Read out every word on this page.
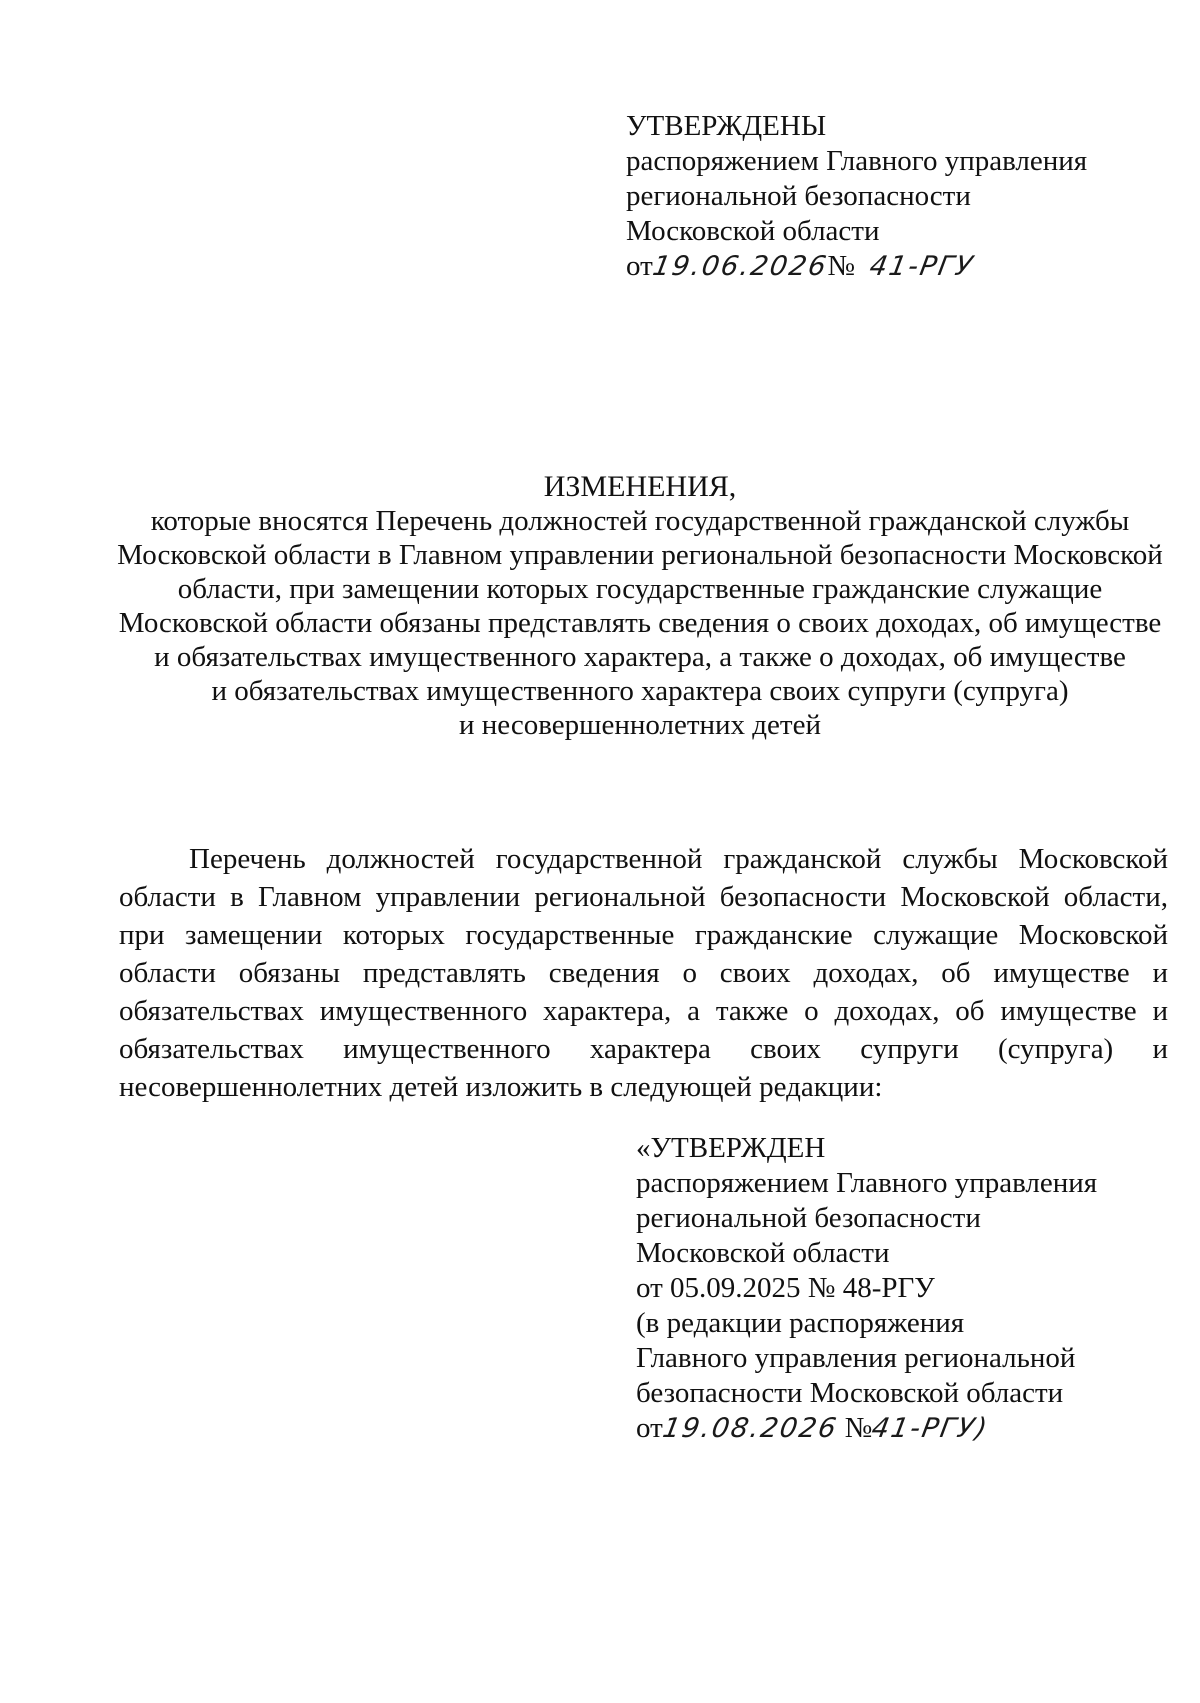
УТВЕРЖДЕНЫ
распоряжением Главного управления
региональной безопасности
Московской области
от19.06.2026№ 41-РГУ
ИЗМЕНЕНИЯ,
которые вносятся Перечень должностей государственной гражданской службы
Московской области в Главном управлении региональной безопасности Московской
области, при замещении которых государственные гражданские служащие
Московской области обязаны представлять сведения о своих доходах, об имуществе
и обязательствах имущественного характера, а также о доходах, об имуществе
и обязательствах имущественного характера своих супруги (супруга)
и несовершеннолетних детей
Перечень должностей государственной гражданской службы Московской области в Главном управлении региональной безопасности Московской области, при замещении которых государственные гражданские служащие Московской области обязаны представлять сведения о своих доходах, об имуществе и обязательствах имущественного характера, а также о доходах, об имуществе и обязательствах имущественного характера своих супруги (супруга) и несовершеннолетних детей изложить в следующей редакции:
«УТВЕРЖДЕН
распоряжением Главного управления
региональной безопасности
Московской области
от 05.09.2025 № 48-РГУ
(в редакции распоряжения
Главного управления региональной
безопасности Московской области
от19.08.2026 №41-РГУ)
